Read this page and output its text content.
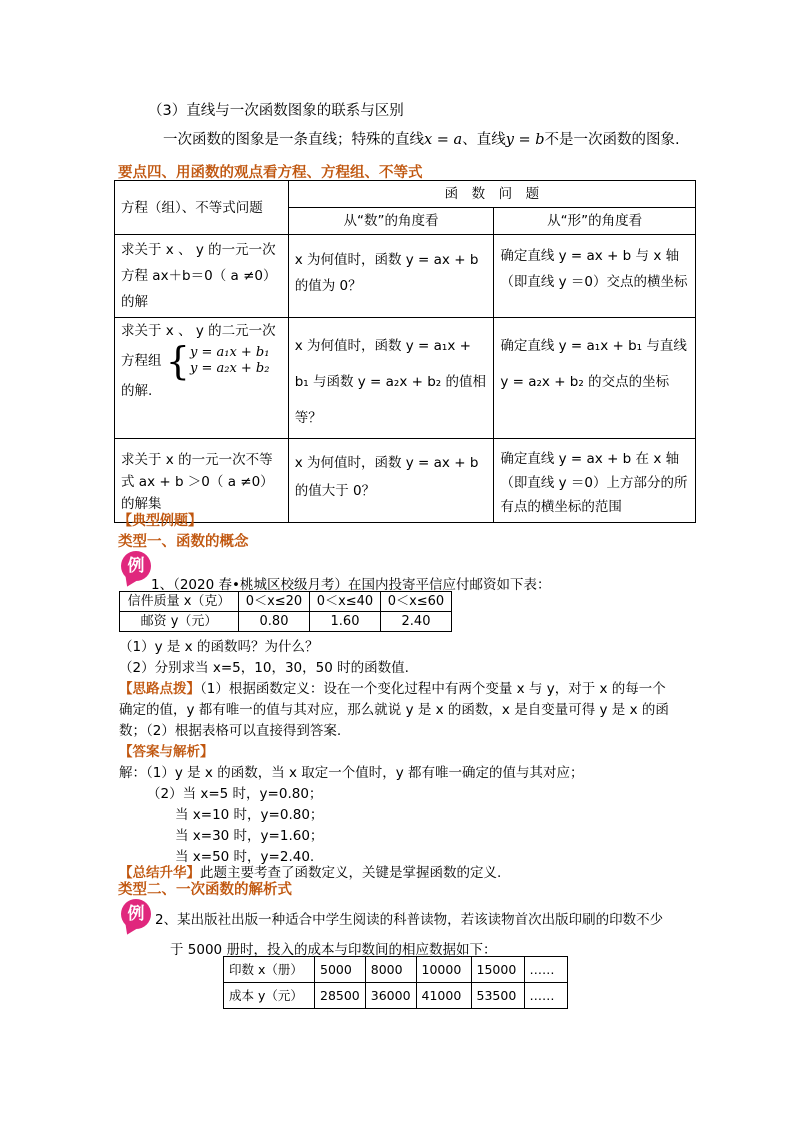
（3）直线与一次函数图象的联系与区别
一次函数的图象是一条直线；特殊的直线x = a、直线y = b不是一次函数的图象.
要点四、用函数的观点看方程、方程组、不等式
方程（组）、不等式问题	函　数　问　题	
	从“数”的角度看	从“形”的角度看
求关于 x 、 y 的一元一次方程 ax＋b＝0（ a ≠0）的解	x 为何值时，函数 y = ax + b 的值为 0？	确定直线 y = ax + b 与 x 轴（即直线 y ＝0）交点的横坐标
求关于 x 、 y 的二元一次方程组 { y = a₁x + b₁
y = a₂x + b₂
的解.	x 为何值时，函数 y = a₁x + b₁ 与函数 y = a₂x + b₂ 的值相等？	确定直线 y = a₁x + b₁ 与直线 y = a₂x + b₂ 的交点的坐标
求关于 x 的一元一次不等式 ax + b ＞0（ a ≠0）的解集	x 为何值时，函数 y = ax + b 的值大于 0？	确定直线 y = ax + b 在 x 轴（即直线 y ＝0）上方部分的所有点的横坐标的范围
【典型例题】
类型一、函数的概念
例
1、（2020 春•桃城区校级月考）在国内投寄平信应付邮资如下表：
信件质量 x（克）	0＜x≤20	0＜x≤40	0＜x≤60
邮资 y（元）	0.80	1.60	2.40
（1）y 是 x 的函数吗？为什么？
（2）分别求当 x=5，10，30，50 时的函数值.
【思路点拨】（1）根据函数定义：设在一个变化过程中有两个变量 x 与 y，对于 x 的每一个
确定的值，y 都有唯一的值与其对应，那么就说 y 是 x 的函数，x 是自变量可得 y 是 x 的函
数；（2）根据表格可以直接得到答案.
【答案与解析】
解：（1）y 是 x 的函数，当 x 取定一个值时，y 都有唯一确定的值与其对应；
（2）当 x=5 时，y=0.80；
当 x=10 时，y=0.80；
当 x=30 时，y=1.60；
当 x=50 时，y=2.40.
【总结升华】此题主要考查了函数定义，关键是掌握函数的定义.
类型二、一次函数的解析式
例 2、某出版社出版一种适合中学生阅读的科普读物，若该读物首次出版印刷的印数不少
于 5000 册时，投入的成本与印数间的相应数据如下：
印数 x（册）	5000	8000	10000	15000	……
成本 y（元）	28500	36000	41000	53500	……
